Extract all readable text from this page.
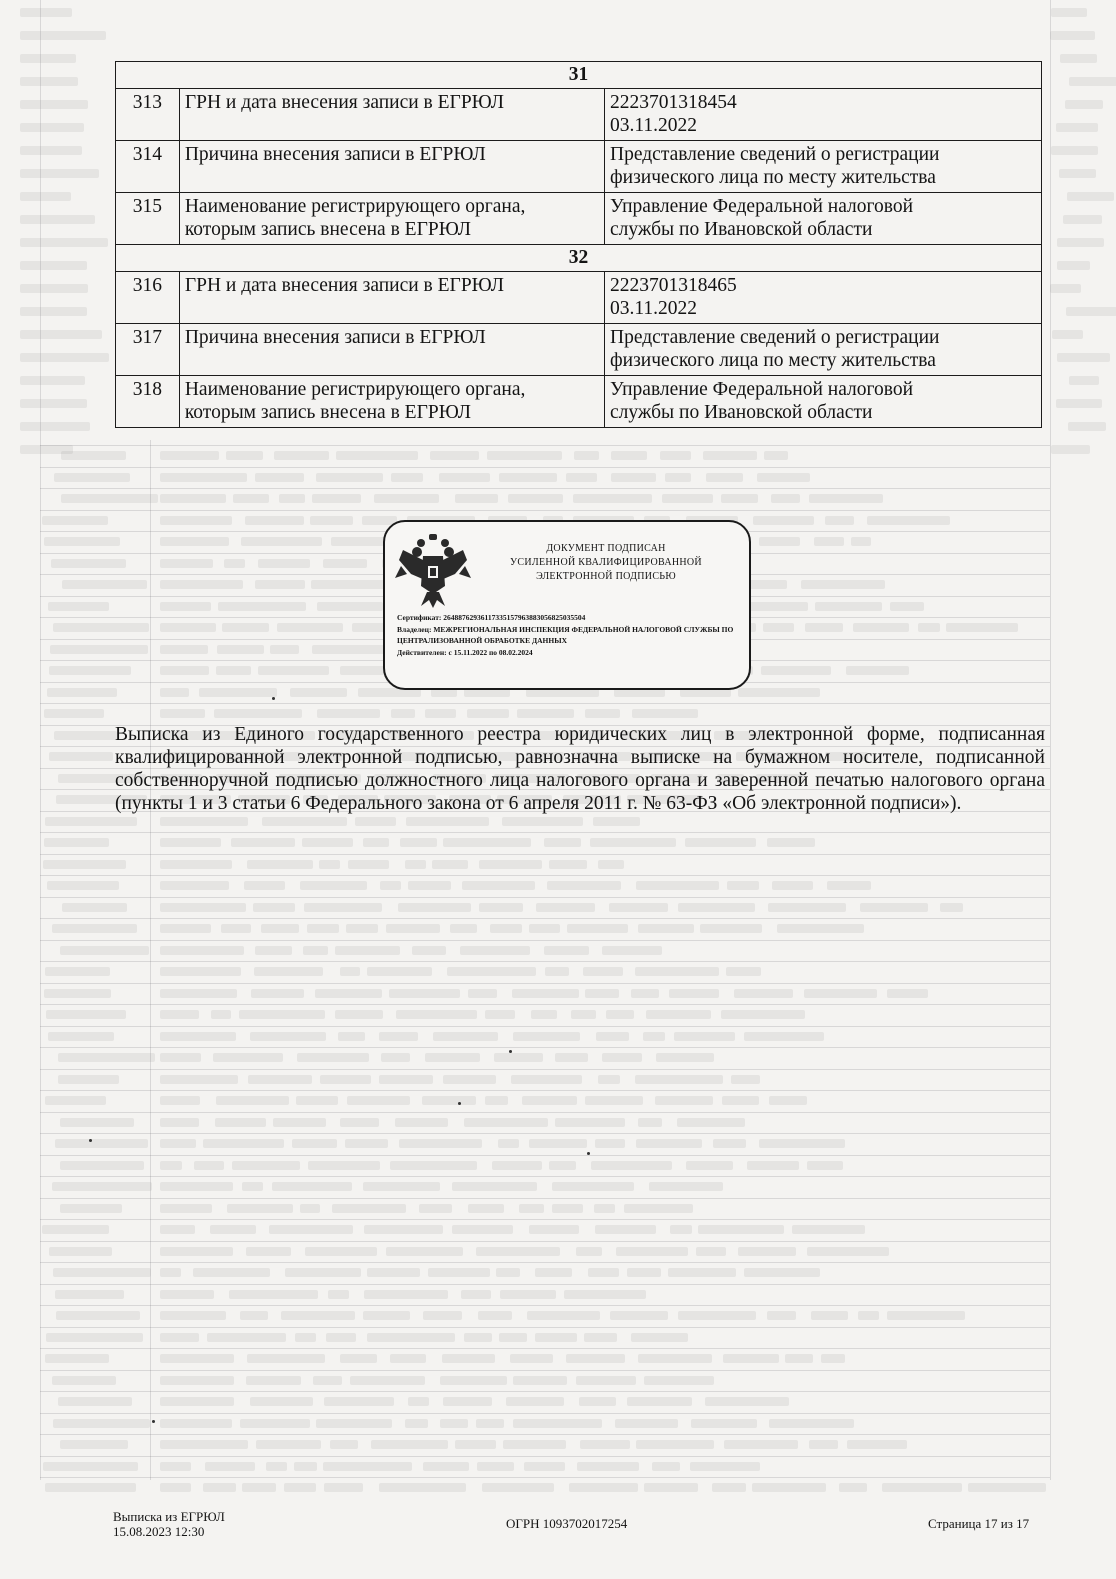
31		
313	ГРН и дата внесения записи в ЕГРЮЛ	2223701318454
03.11.2022

314	Причина внесения записи в ЕГРЮЛ	Представление сведений о регистрации
физического лица по месту жительства

315	Наименование регистрирующего органа, которым запись внесена в ЕГРЮЛ	Управление Федеральной налоговой
службы по Ивановской области

32		
316	ГРН и дата внесения записи в ЕГРЮЛ	2223701318465
03.11.2022

317	Причина внесения записи в ЕГРЮЛ	Представление сведений о регистрации
физического лица по месту жительства

318	Наименование регистрирующего органа, которым запись внесена в ЕГРЮЛ	Управление Федеральной налоговой
службы по Ивановской области
ДОКУМЕНТ ПОДПИСАН
УСИЛЕННОЙ КВАЛИФИЦИРОВАННОЙ
ЭЛЕКТРОННОЙ ПОДПИСЬЮ
Сертификат: 26488762936117335157963883056825035504
Владелец: МЕЖРЕГИОНАЛЬНАЯ ИНСПЕКЦИЯ ФЕДЕРАЛЬНОЙ НАЛОГОВОЙ СЛУЖБЫ ПО ЦЕНТРАЛИЗОВАННОЙ ОБРАБОТКЕ ДАННЫХ
Действителен: с 15.11.2022 по 08.02.2024

Выписка из Единого государственного реестра юридических лиц в электронной форме, подписанная квалифицированной электронной подписью, равнозначна выписке на бумажном носителе, подписанной собственноручной подписью должностного лица налогового органа и заверенной печатью налогового органа (пункты 1 и 3 статьи 6 Федерального закона от 6 апреля 2011 г. № 63-ФЗ «Об электронной подписи»).

Выписка из ЕГРЮЛ
15.08.2023 12:30
ОГРН 1093702017254	Страница 17 из 17
